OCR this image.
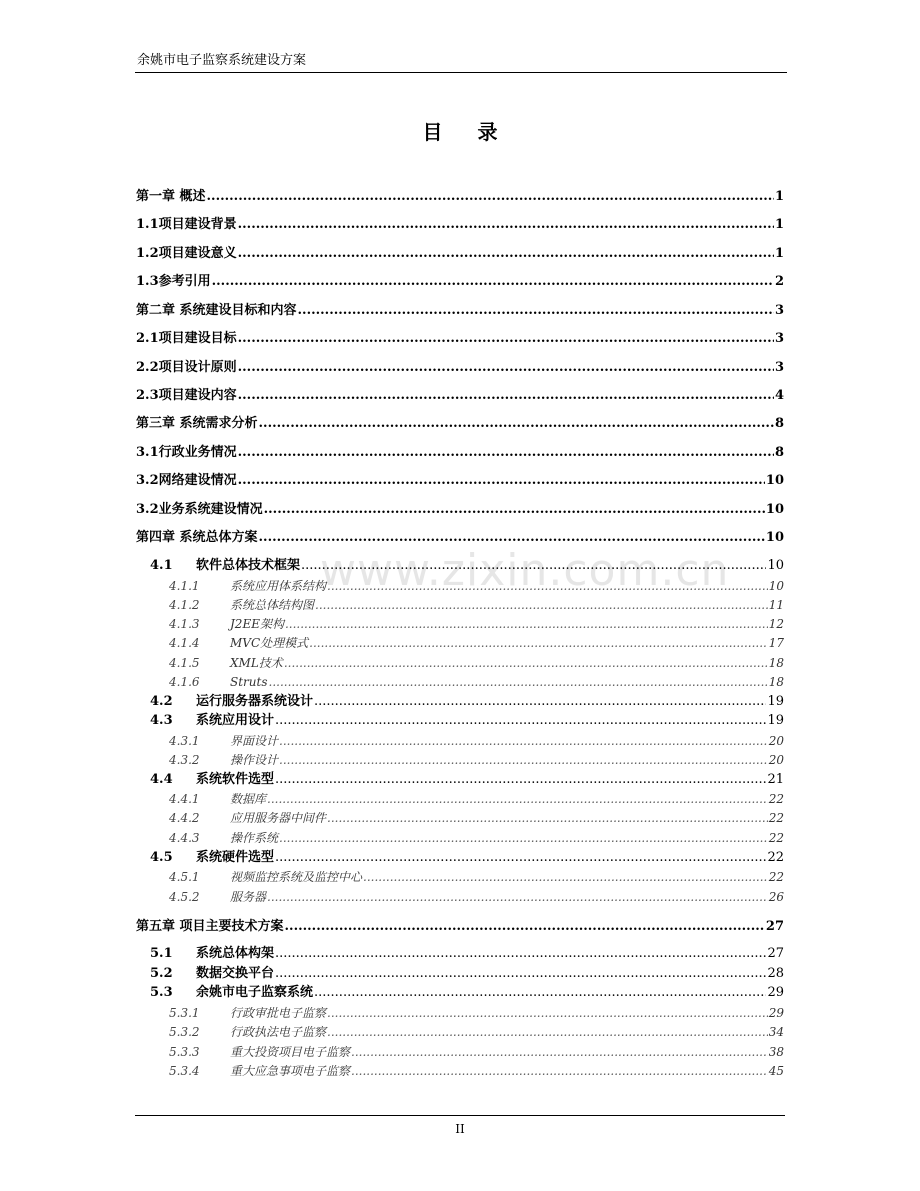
余姚市电子监察系统建设方案
目 录
www.zixin.com.cn
第一章 概述 .....	1
1.1项目建设背景 .....	1
1.2项目建设意义 .....	1
1.3参考引用 .....	2
第二章 系统建设目标和内容 .....	3
2.1项目建设目标 .....	3
2.2项目设计原则 .....	3
2.3项目建设内容 .....	4
第三章 系统需求分析 .....	8
3.1行政业务情况 .....	8
3.2网络建设情况 .....	10
3.2业务系统建设情况 .....	10
第四章 系统总体方案 .....	10
4.1	软件总体技术框架 .....	10
4.1.1	系统应用体系结构 .....	10
4.1.2	系统总体结构图 .....	11
4.1.3	J2EE架构 .....	12
4.1.4	MVC处理模式 .....	17
4.1.5	XML技术 .....	18
4.1.6	Struts .....	18
4.2	运行服务器系统设计 .....	19
4.3	系统应用设计 .....	19
4.3.1	界面设计 .....	20
4.3.2	操作设计 .....	20
4.4	系统软件选型 .....	21
4.4.1	数据库 .....	22
4.4.2	应用服务器中间件 .....	22
4.4.3	操作系统 .....	22
4.5	系统硬件选型 .....	22
4.5.1	视频监控系统及监控中心 .....	22
4.5.2	服务器 .....	26
第五章 项目主要技术方案 .....	27
5.1	系统总体构架 .....	27
5.2	数据交换平台 .....	28
5.3	余姚市电子监察系统 .....	29
5.3.1	行政审批电子监察 .....	29
5.3.2	行政执法电子监察 .....	34
5.3.3	重大投资项目电子监察 .....	38
5.3.4	重大应急事项电子监察 .....	45
II
